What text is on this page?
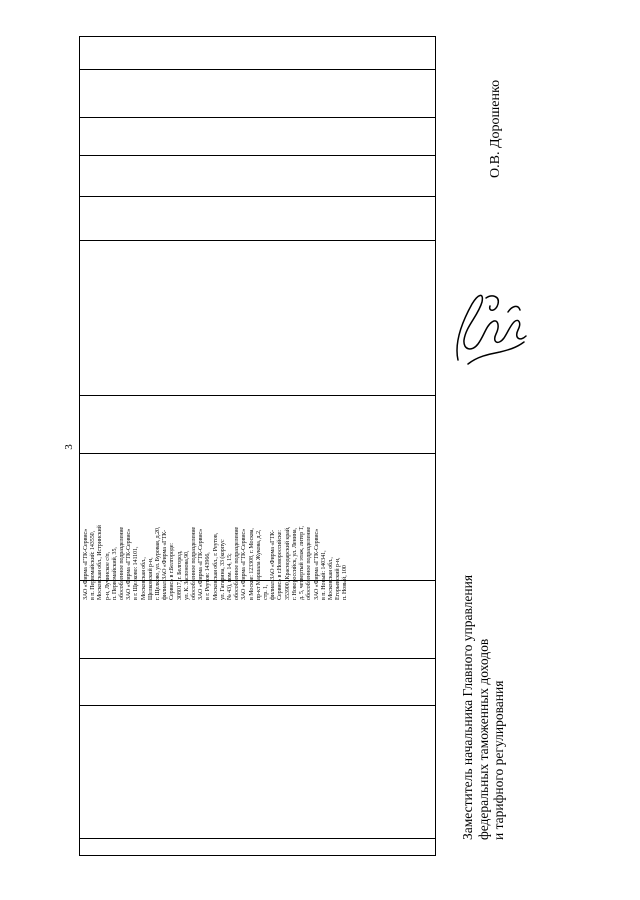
3
ЗАО «Фирма «ГТК-Сервис» в п. Первомайский: 143550, Московская обл., Истринский р-н, Лучинское с/п, п. Первомайский, 35, обособленное подразделение ЗАО «Фирма «ГТК-Сервис» в г. Щелково: 141101, Московская обл., Щелковский р-н, г. Щелково, ул. Буровая, д.20, филиал ЗАО «Фирма «ГТК- Сервис» в г.Белгороде: 308017, г. Белгород, ул. К. Заслонова,90, обособленное подразделение ЗАО «Фирма «ГТК-Сервис» в г. Реутов: 143966, Московская обл., г. Реутов, ул. Гагарина, 33 (корпус № 43), пом. 14, 15; обособленное подразделение ЗАО «Фирма «ГТК-Сервис» в Москве: 123308, г. Москва, пр-кт Маршала Жукова, д.2, стр. 1, филиал ЗАО «Фирма «ГТК- Сервис» в г.Новороссийске: 353900, Краснодарский край, г. Новороссийск, ул. Ленина, д. 5, четвертый этаж, литер Т, обособленное подразделение ЗАО «Фирма «ГТК-Сервис» в п. Новый: 140341, Московская обл., Егорьевский р-н, п. Новый, 100	Заместитель начальника Главного управления федеральных таможенных доходов и тарифного регулирования
О.В. Дорошенко
